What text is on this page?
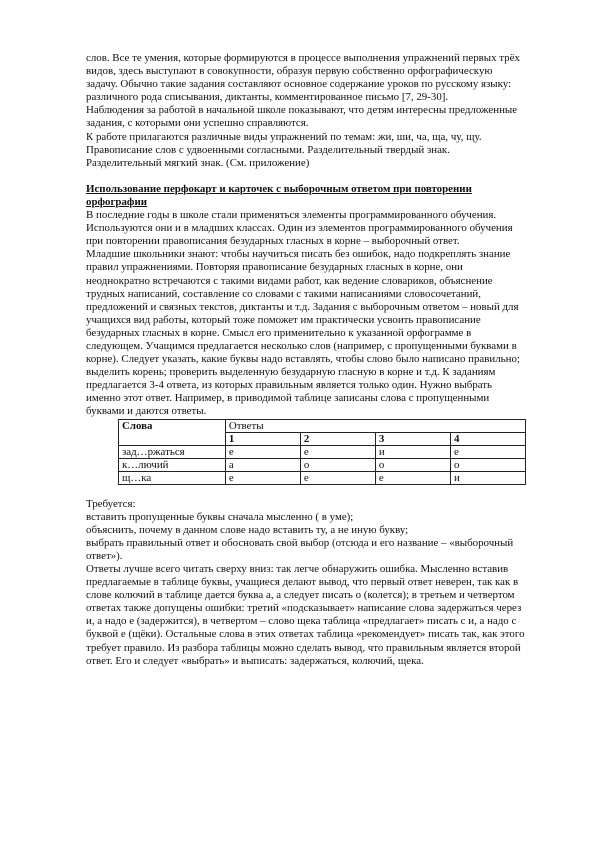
слов. Все те умения, которые формируются в процессе выполнения упражнений первых трёх видов, здесь выступают в совокупности, образуя первую собственно орфографическую задачу. Обычно такие задания составляют основное содержание уроков по русскому языку: различного рода списывания, диктанты, комментированное письмо [7, 29-30].

Наблюдения за работой в начальной школе показывают, что детям интересны предложенные задания, с которыми они успешно справляются.

К работе прилагаются различные виды упражнений по темам: жи, ши, ча, ща, чу, щу.

Правописание слов с удвоенными согласными. Разделительный твердый знак.

Разделительный мягкий знак. (См. приложение)

Использование перфокарт и карточек с выборочным ответом при повторении орфографии

В последние годы в школе стали применяться элементы программированного обучения. Используются они и в младших классах. Один из элементов программированного обучения при повторении правописания безударных гласных в корне – выборочный ответ.

Младшие школьники знают: чтобы научиться писать без ошибок, надо подкреплять знание правил упражнениями. Повторяя правописание безударных гласных в корне, они неоднократно встречаются с такими видами работ, как ведение словариков, объяснение трудных написаний, составление со словами с такими написаниями словосочетаний, предложений и связных текстов, диктанты и т.д. Задания с выборочным ответом – новый для учащихся вид работы, который тоже поможет им практически усвоить правописание безударных гласных в корне. Смысл его применительно к указанной орфограмме в следующем. Учащимся предлагается несколько слов (например, с пропущенными буквами в корне). Следует указать, какие буквы надо вставлять, чтобы слово было написано правильно; выделить корень; проверить выделенную безударную гласную в корне и т.д. К заданиям предлагается 3-4 ответа, из которых правильным является только один. Нужно выбрать именно этот ответ. Например, в приводимой таблице записаны слова с пропущенными буквами и даются ответы.

Слова	Ответы			
	1	2	3	4
зад…ржаться	е	е	и	е
к…лючий	а	о	о	о
щ…ка	е	е	е	и

Требуется:

вставить пропущенные буквы сначала мысленно ( в уме);

объяснить, почему в данном слове надо вставить ту, а не иную букву;

выбрать правильный ответ и обосновать свой выбор (отсюда и его название – «выборочный ответ»).

Ответы лучше всего читать сверху вниз: так легче обнаружить ошибка. Мысленно вставив предлагаемые в таблице буквы, учащиеся делают вывод, что первый ответ неверен, так как в слове колючий в таблице дается буква а, а следует писать о (колется); в третьем и четвертом ответах также допущены ошибки: третий «подсказывает» написание слова задержаться через и, а надо е (задержится), в четвертом – слово щека таблица «предлагает» писать с и, а надо с буквой е (щёки). Остальные слова в этих ответах таблица «рекомендует» писать так, как этого требует правило. Из разбора таблицы можно сделать вывод, что правильным является второй ответ. Его и следует «выбрать» и выписать: задержаться, колючий, щека.
